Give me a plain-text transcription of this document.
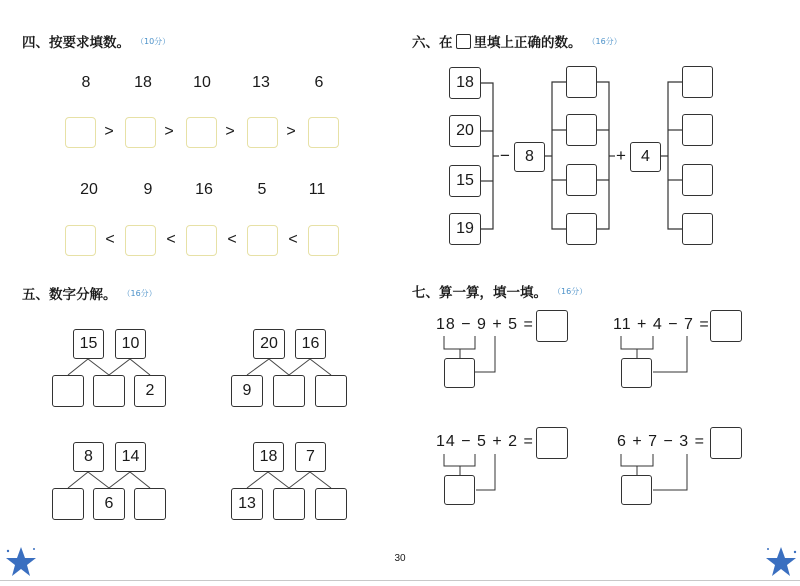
四、按要求填数。 （10分）
8	18	10	13	6
>	>	>	>
20	9	16	5	11
<	<	<	<
五、数字分解。 （16分）
15	10
2
20	16
9
8	14
6
18	7
13
六、在 里填上正确的数。 （16分）
18
20
15
19
− 8	+ 4
七、算一算，填一填。 （16分）
18 − 9 + 5 =	11 + 4 − 7 =
14 − 5 + 2 =	6 + 7 − 3 =
30
